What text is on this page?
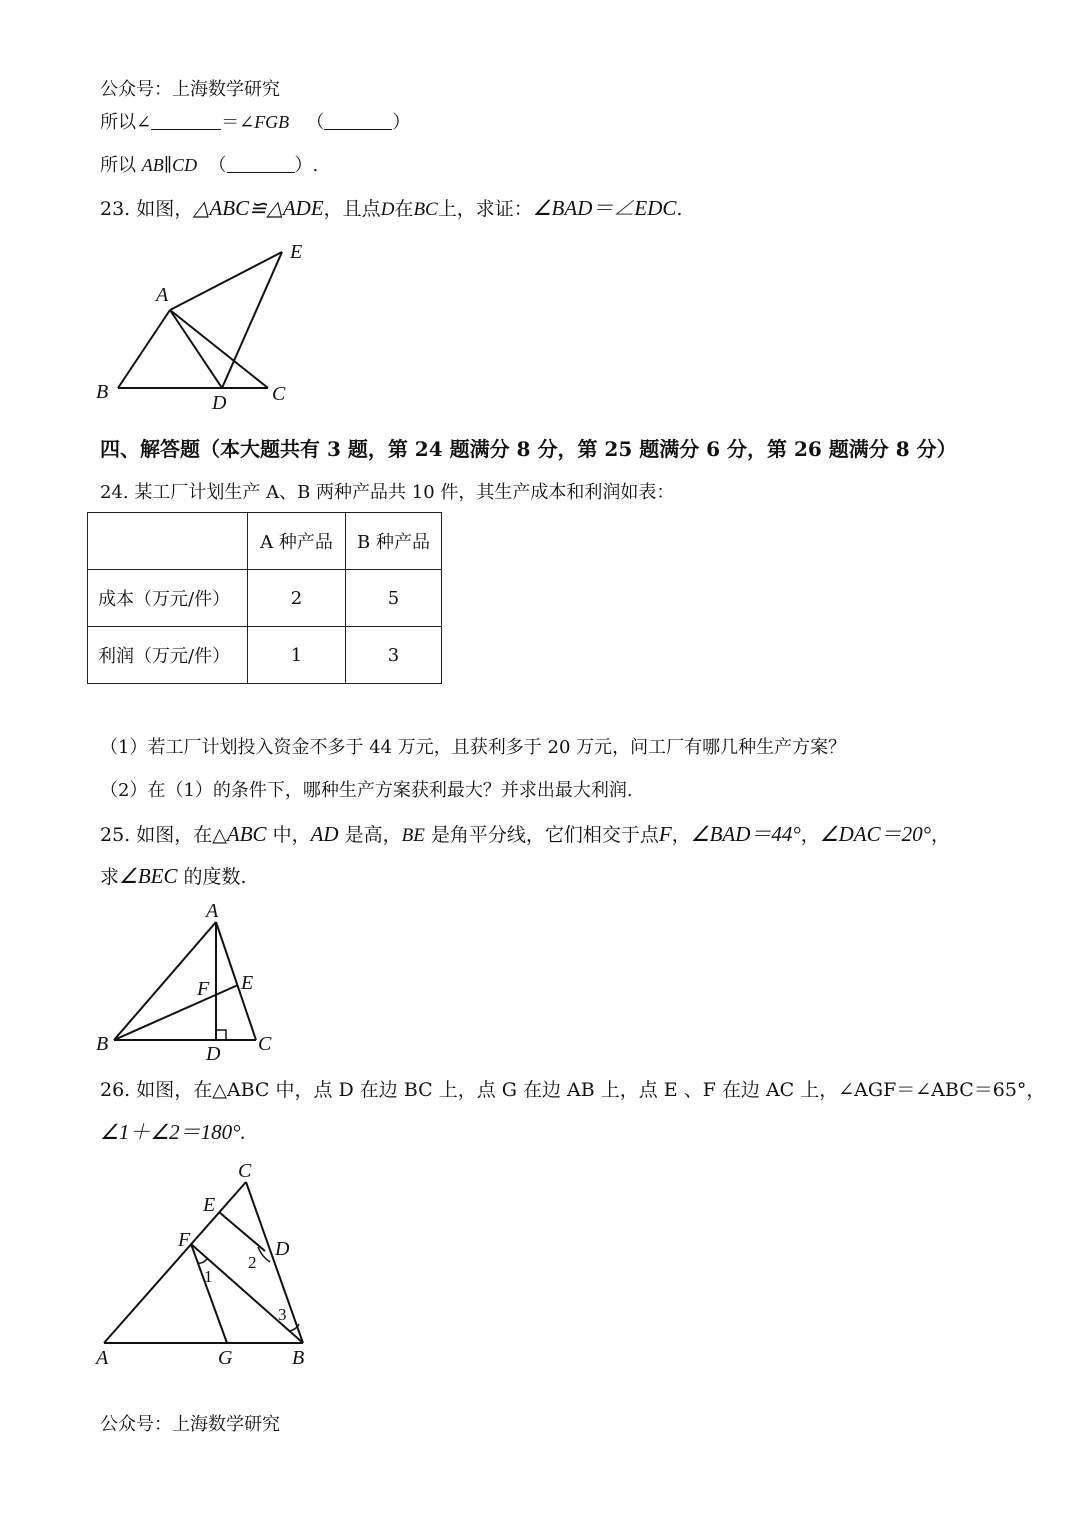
公众号：上海数学研究
所以∠	＝∠FGB （	）
所以 AB∥CD （	）.
23. 如图，△ABC≌△ADE，且点D在BC上，求证：∠BAD＝∠EDC.
A
B	C
D
E
四、解答题（本大题共有 3 题，第 24 题满分 8 分，第 25 题满分 6 分，第 26 题满分 8 分）
24. 某工厂计划生产 A、B 两种产品共 10 件，其生产成本和利润如表：
	A 种产品	B 种产品
成本（万元/件）	2	5
利润（万元/件）	1	3
（1）若工厂计划投入资金不多于 44 万元，且获利多于 20 万元，问工厂有哪几种生产方案？
（2）在（1）的条件下，哪种生产方案获利最大？并求出最大利润.
25. 如图，在△ABC 中，AD 是高，BE 是角平分线，它们相交于点F，∠BAD＝44°，∠DAC＝20°，
求∠BEC 的度数.
A
B	C
D
E
F
26. 如图，在△ABC 中，点 D 在边 BC 上，点 G 在边 AB 上，点 E 、F 在边 AC 上，∠AGF＝∠ABC＝65°，
∠1＋∠2＝180°.
C
E
F	D
A	G	B
1
2
3
公众号：上海数学研究
